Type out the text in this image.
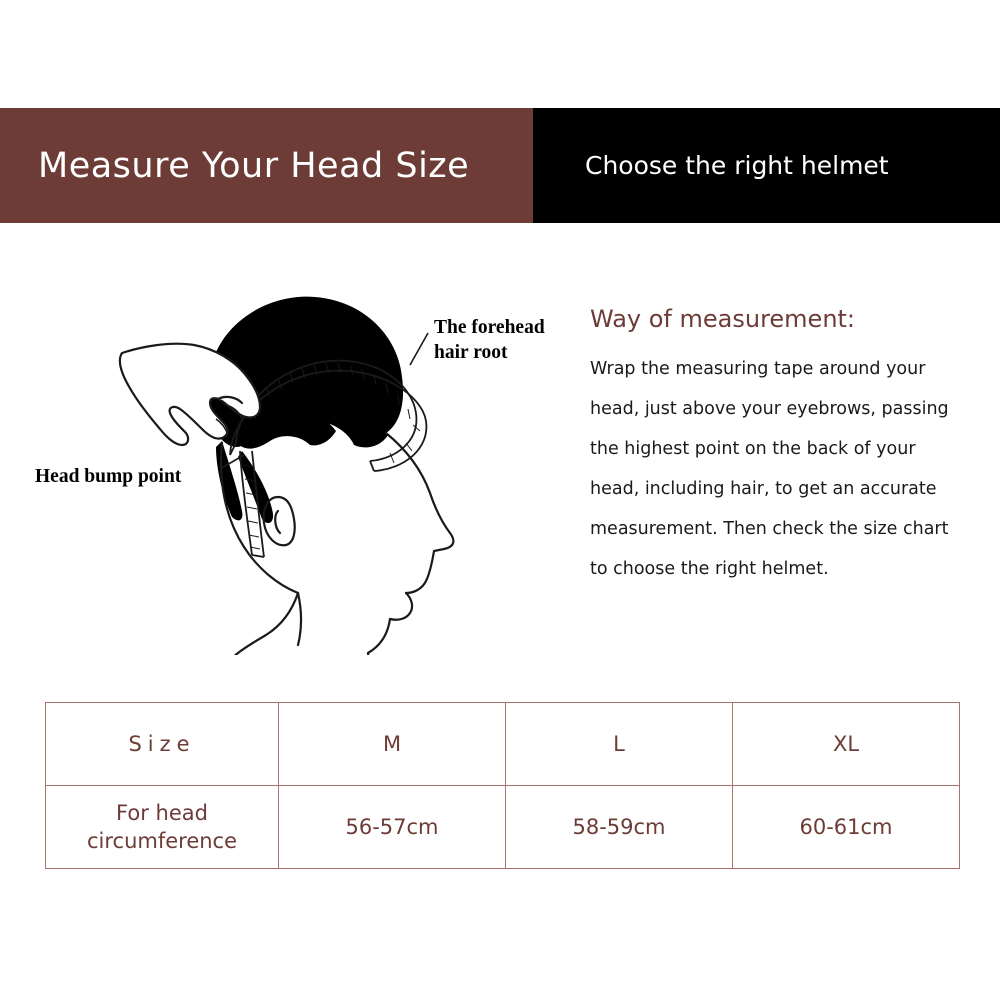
Measure Your Head Size	Choose the right helmet
The forehead
hair root
Head bump point
Way of measurement:

Wrap the measuring tape around your head, just above your eyebrows, passing the highest point on the back of your head, including hair, to get an accurate measurement. Then check the size chart to choose the right helmet.

Size	M	L	XL
For head
circumference	56-57cm	58-59cm	60-61cm
